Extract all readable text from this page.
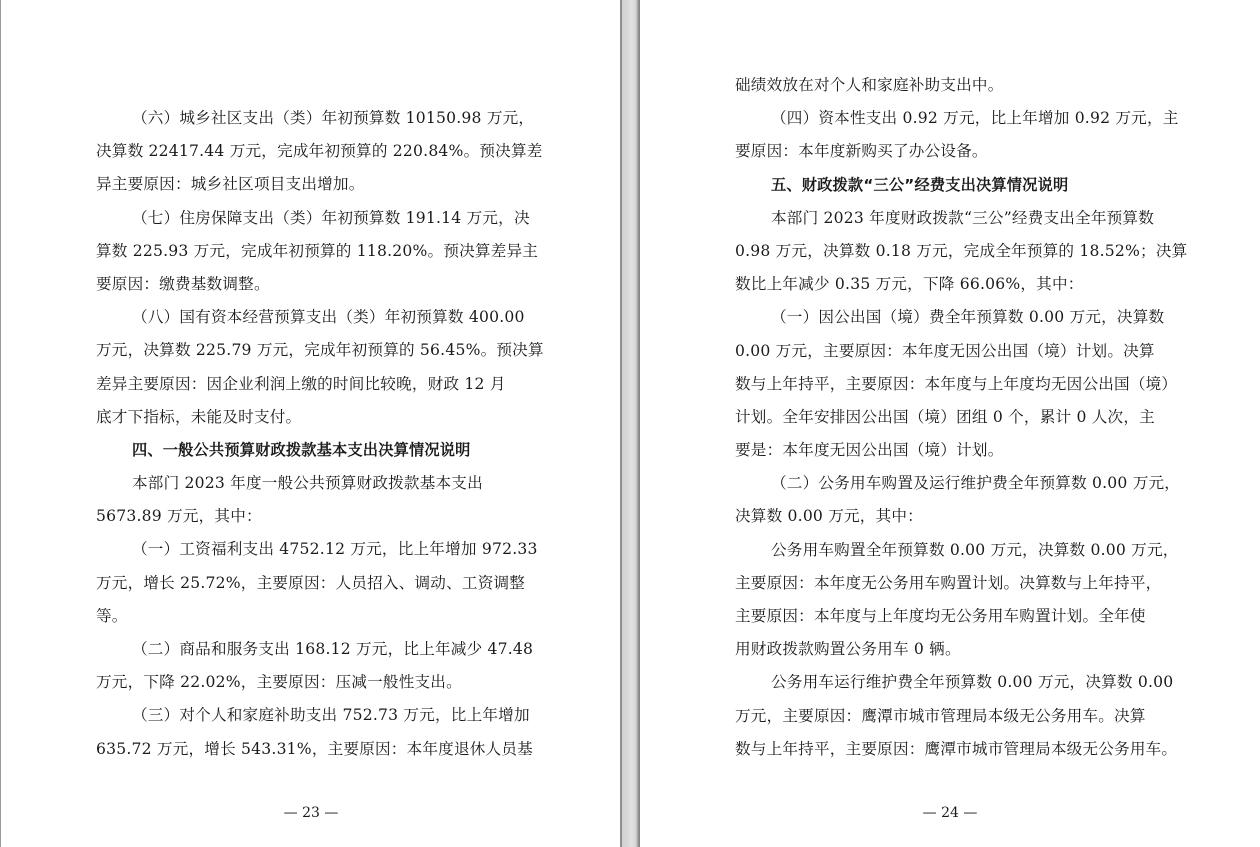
（六）城乡社区支出（类）年初预算数 10150.98 万元，
决算数 22417.44 万元，完成年初预算的 220.84%。预决算差
异主要原因：城乡社区项目支出增加。
（七）住房保障支出（类）年初预算数 191.14 万元，决
算数 225.93 万元，完成年初预算的 118.20%。预决算差异主
要原因：缴费基数调整。
（八）国有资本经营预算支出（类）年初预算数 400.00
万元，决算数 225.79 万元，完成年初预算的 56.45%。预决算
差异主要原因：因企业利润上缴的时间比较晚，财政 12 月
底才下指标，未能及时支付。
四、一般公共预算财政拨款基本支出决算情况说明
本部门 2023 年度一般公共预算财政拨款基本支出
5673.89 万元，其中：
（一）工资福利支出 4752.12 万元，比上年增加 972.33
万元，增长 25.72%，主要原因：人员招入、调动、工资调整
等。
（二）商品和服务支出 168.12 万元，比上年减少 47.48
万元，下降 22.02%，主要原因：压减一般性支出。
（三）对个人和家庭补助支出 752.73 万元，比上年增加
635.72 万元，增长 543.31%，主要原因：本年度退休人员基
— 23 —
础绩效放在对个人和家庭补助支出中。
（四）资本性支出 0.92 万元，比上年增加 0.92 万元，主
要原因：本年度新购买了办公设备。
五、财政拨款“三公”经费支出决算情况说明
本部门 2023 年度财政拨款“三公”经费支出全年预算数
0.98 万元，决算数 0.18 万元，完成全年预算的 18.52%；决算
数比上年减少 0.35 万元，下降 66.06%，其中：
（一）因公出国（境）费全年预算数 0.00 万元，决算数
0.00 万元，主要原因：本年度无因公出国（境）计划。决算
数与上年持平，主要原因：本年度与上年度均无因公出国（境）
计划。全年安排因公出国（境）团组 0 个，累计 0 人次，主
要是：本年度无因公出国（境）计划。
（二）公务用车购置及运行维护费全年预算数 0.00 万元，
决算数 0.00 万元，其中：
公务用车购置全年预算数 0.00 万元，决算数 0.00 万元，
主要原因：本年度无公务用车购置计划。决算数与上年持平，
主要原因：本年度与上年度均无公务用车购置计划。全年使
用财政拨款购置公务用车 0 辆。
公务用车运行维护费全年预算数 0.00 万元，决算数 0.00
万元，主要原因：鹰潭市城市管理局本级无公务用车。决算
数与上年持平，主要原因：鹰潭市城市管理局本级无公务用车。
— 24 —
